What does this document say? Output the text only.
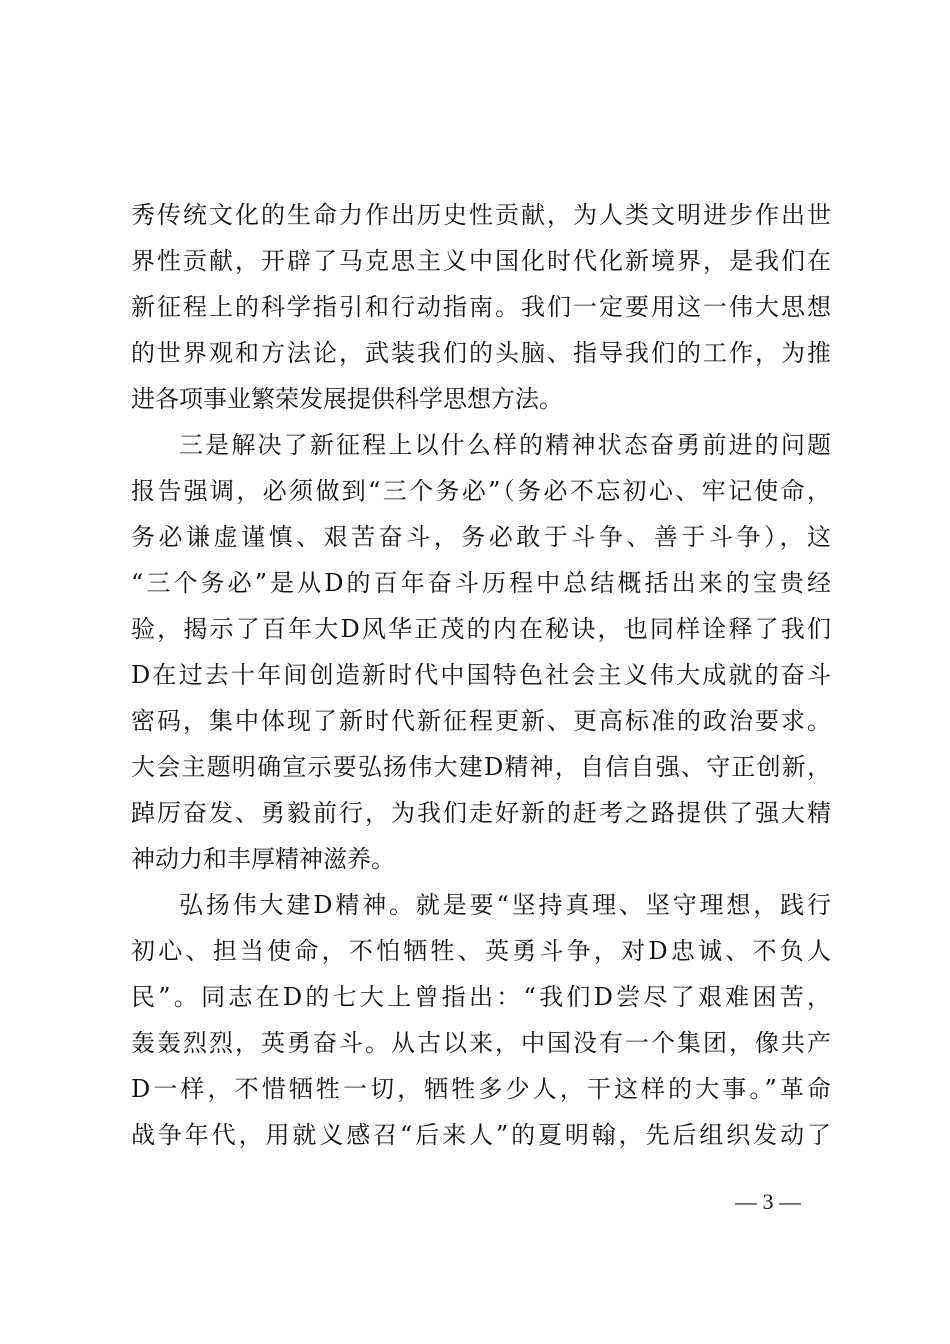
秀传统文化的生命力作出历史性贡献，为人类文明进步作出世
界性贡献，开辟了马克思主义中国化时代化新境界，是我们在
新征程上的科学指引和行动指南。我们一定要用这一伟大思想
的世界观和方法论，武装我们的头脑、指导我们的工作，为推
进各项事业繁荣发展提供科学思想方法。
三是解决了新征程上以什么样的精神状态奋勇前进的问题
报告强调，必须做到“三个务必”（务必不忘初心、牢记使命，
务必谦虚谨慎、艰苦奋斗，务必敢于斗争、善于斗争），这
“三个务必”是从D的百年奋斗历程中总结概括出来的宝贵经
验，揭示了百年大D风华正茂的内在秘诀，也同样诠释了我们
D在过去十年间创造新时代中国特色社会主义伟大成就的奋斗
密码，集中体现了新时代新征程更新、更高标准的政治要求。
大会主题明确宣示要弘扬伟大建D精神，自信自强、守正创新，
踔厉奋发、勇毅前行，为我们走好新的赶考之路提供了强大精
神动力和丰厚精神滋养。
弘扬伟大建D精神。就是要“坚持真理、坚守理想，践行
初心、担当使命，不怕牺牲、英勇斗争，对D忠诚、不负人
民”。同志在D的七大上曾指出：“我们D尝尽了艰难困苦，
轰轰烈烈，英勇奋斗。从古以来，中国没有一个集团，像共产
D一样，不惜牺牲一切，牺牲多少人，干这样的大事。”革命
战争年代，用就义感召“后来人”的夏明翰，先后组织发动了
— 3 —
